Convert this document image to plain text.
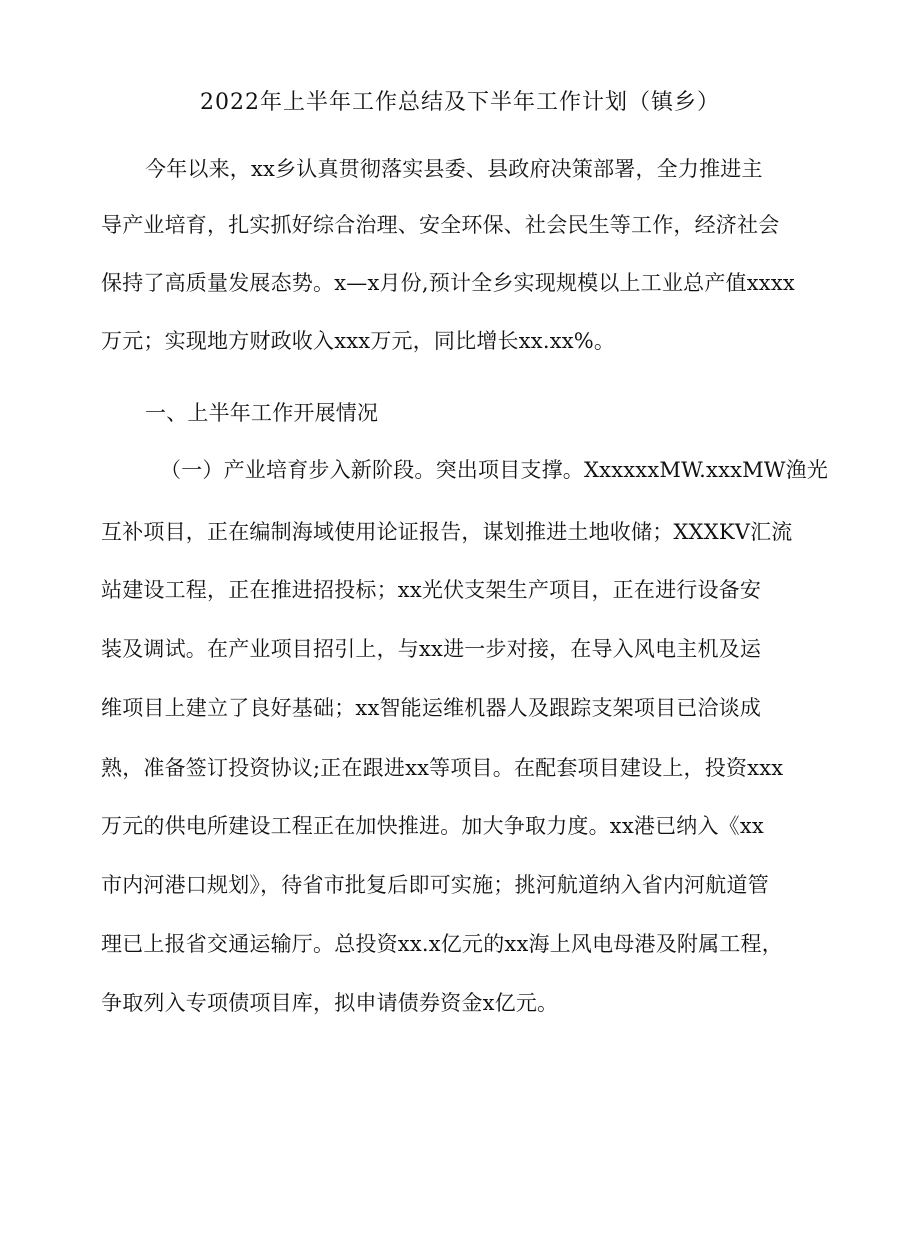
2022年上半年工作总结及下半年工作计划（镇乡）
今年以来，xx乡认真贯彻落实县委、县政府决策部署，全力推进主
导产业培育，扎实抓好综合治理、安全环保、社会民生等工作，经济社会
保持了高质量发展态势。x—x月份,预计全乡实现规模以上工业总产值xxxx
万元；实现地方财政收入xxx万元，同比增长xx.xx%。
一、上半年工作开展情况
（一）产业培育步入新阶段。突出项目支撑。XxxxxxMW.xxxMW渔光
互补项目，正在编制海域使用论证报告，谋划推进土地收储；XXXKV汇流
站建设工程，正在推进招投标；xx光伏支架生产项目，正在进行设备安
装及调试。在产业项目招引上，与xx进一步对接，在导入风电主机及运
维项目上建立了良好基础；xx智能运维机器人及跟踪支架项目已洽谈成
熟，准备签订投资协议;正在跟进xx等项目。在配套项目建设上，投资xxx
万元的供电所建设工程正在加快推进。加大争取力度。xx港已纳入《xx
市内河港口规划》，待省市批复后即可实施；挑河航道纳入省内河航道管
理已上报省交通运输厅。总投资xx.x亿元的xx海上风电母港及附属工程，
争取列入专项债项目库，拟申请债券资金x亿元。
